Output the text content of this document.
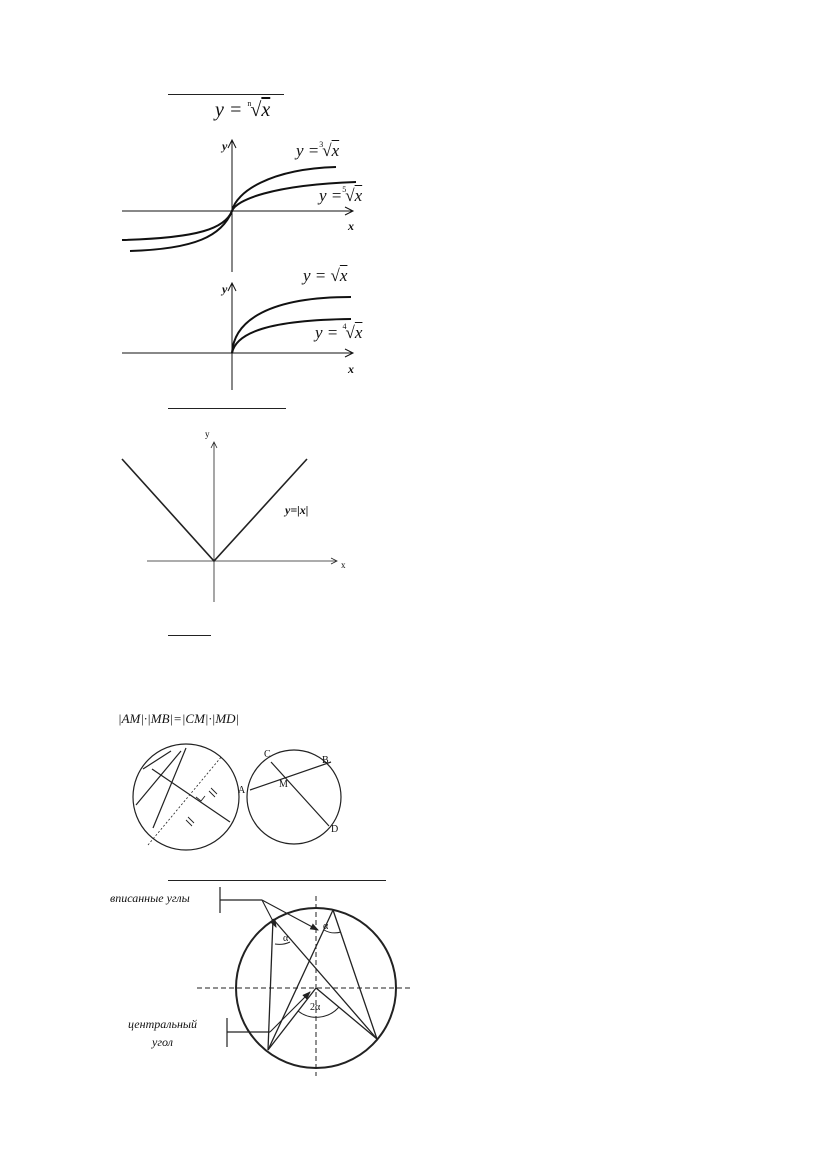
y = $^n$√x
y
x
y =$^3$√x
y =$^5$√x
y
x
y = √x
y = $^4$√x
y
x
y=|x|
|AM|·|MB|=|CM|·|MD|
A
B
C
D
M
вписанные углы
центральный
угол
α
α
2α
